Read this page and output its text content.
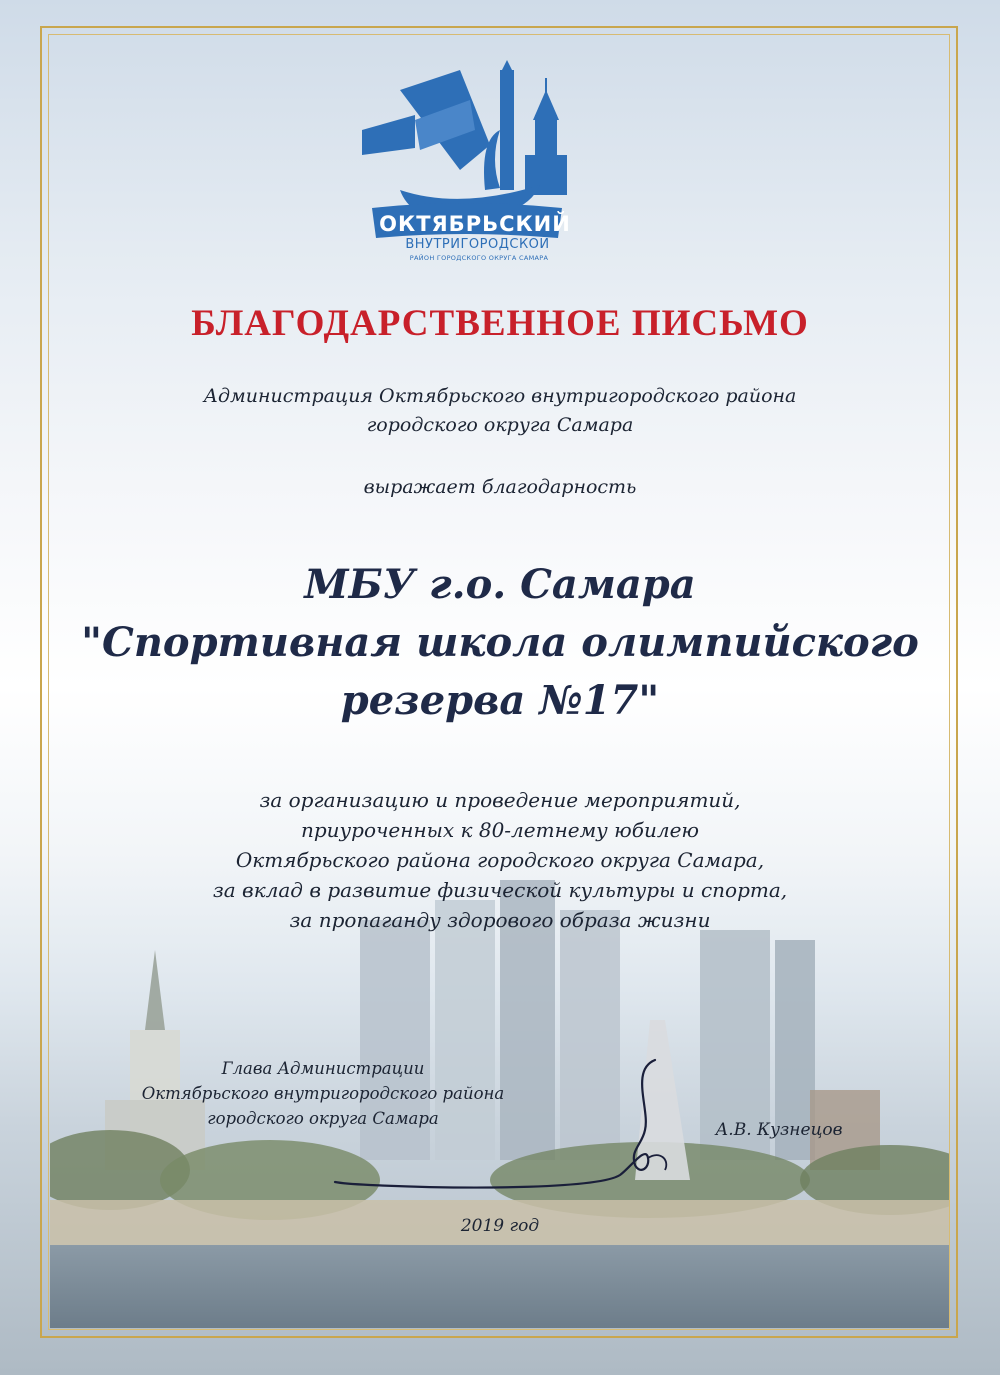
ОКТЯБРЬСКИЙ
ВНУТРИГОРОДСКОЙ
РАЙОН ГОРОДСКОГО ОКРУГА САМАРА
БЛАГОДАРСТВЕННОЕ ПИСЬМО
Администрация Октябрьского внутригородского района
городского округа Самара
выражает благодарность
МБУ г.о. Самара
"Спортивная школа олимпийского
резерва №17"
за организацию и проведение мероприятий,
приуроченных к 80-летнему юбилею
Октябрьского района городского округа Самара,
за вклад в развитие физической культуры и спорта,
за пропаганду здорового образа жизни
Глава Администрации
Октябрьского внутригородского района
городского округа Самара
А.В. Кузнецов
2019 год
